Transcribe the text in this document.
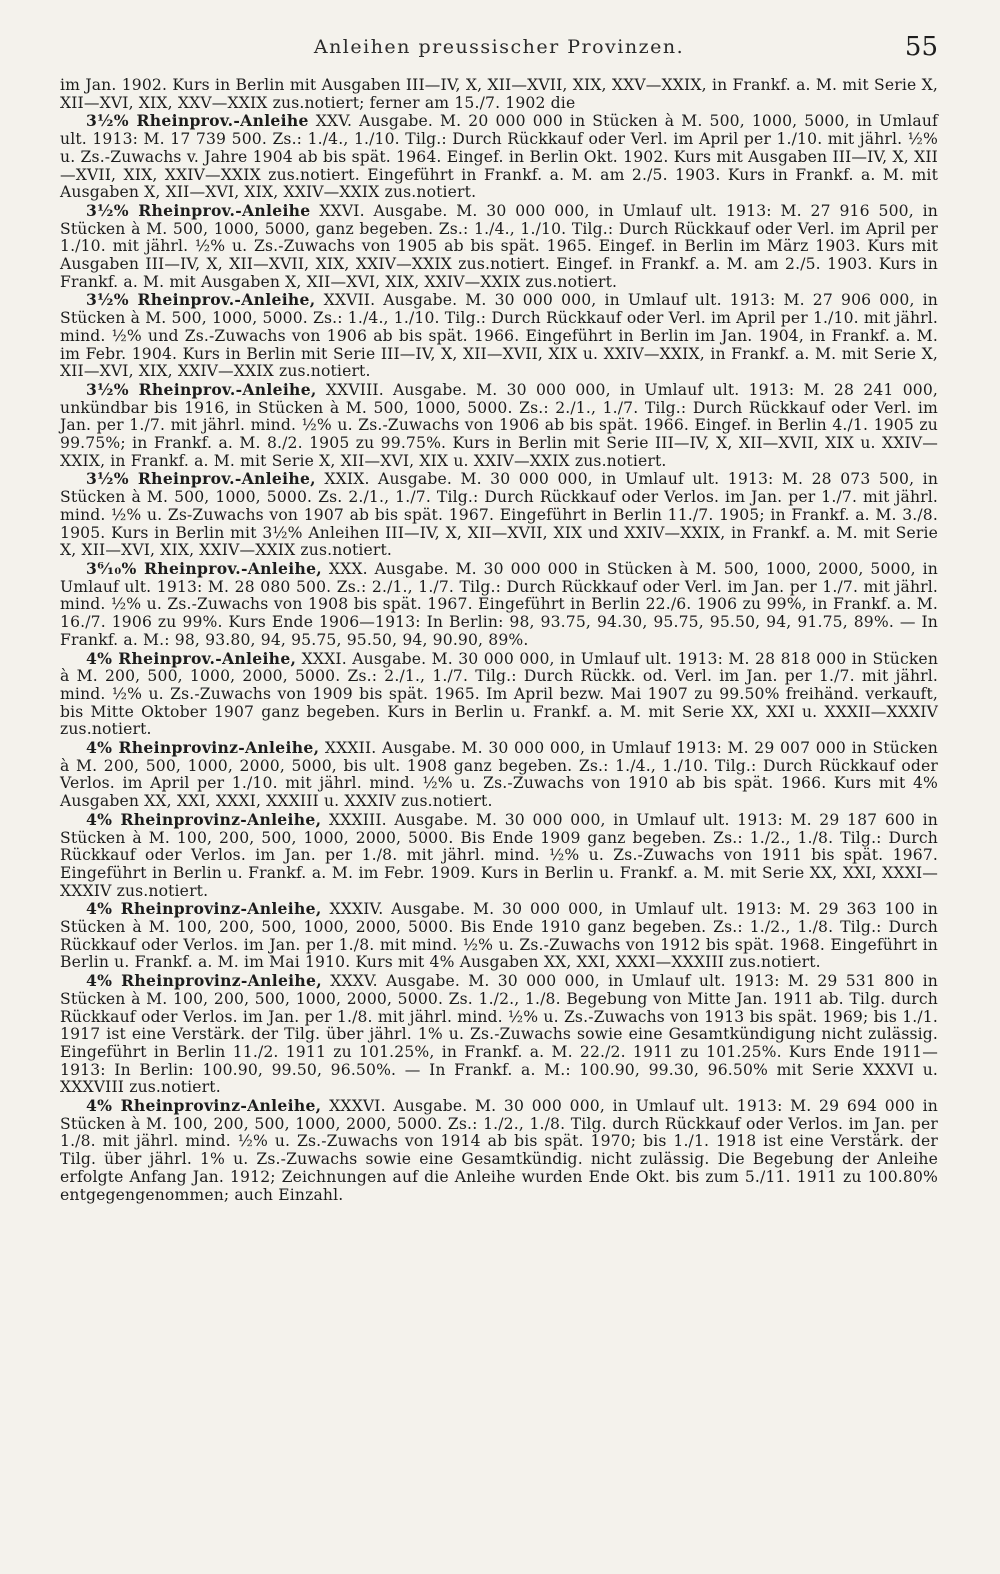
Anleihen preussischer Provinzen.	55

im Jan. 1902. Kurs in Berlin mit Ausgaben III—IV, X, XII—XVII, XIX, XXV—XXIX, in Frankf. a. M. mit Serie X, XII—XVI, XIX, XXV—XXIX zus.notiert; ferner am 15./7. 1902 die

3½% Rheinprov.-Anleihe XXV. Ausgabe. M. 20 000 000 in Stücken à M. 500, 1000, 5000, in Umlauf ult. 1913: M. 17 739 500. Zs.: 1./4., 1./10. Tilg.: Durch Rückkauf oder Verl. im April per 1./10. mit jährl. ½% u. Zs.-Zuwachs v. Jahre 1904 ab bis spät. 1964. Eingef. in Berlin Okt. 1902. Kurs mit Ausgaben III—IV, X, XII—XVII, XIX, XXIV—XXIX zus.notiert. Eingeführt in Frankf. a. M. am 2./5. 1903. Kurs in Frankf. a. M. mit Ausgaben X, XII—XVI, XIX, XXIV—XXIX zus.notiert.

3½% Rheinprov.-Anleihe XXVI. Ausgabe. M. 30 000 000, in Umlauf ult. 1913: M. 27 916 500, in Stücken à M. 500, 1000, 5000, ganz begeben. Zs.: 1./4., 1./10. Tilg.: Durch Rückkauf oder Verl. im April per 1./10. mit jährl. ½% u. Zs.-Zuwachs von 1905 ab bis spät. 1965. Eingef. in Berlin im März 1903. Kurs mit Ausgaben III—IV, X, XII—XVII, XIX, XXIV—XXIX zus.notiert. Eingef. in Frankf. a. M. am 2./5. 1903. Kurs in Frankf. a. M. mit Ausgaben X, XII—XVI, XIX, XXIV—XXIX zus.notiert.

3½% Rheinprov.-Anleihe, XXVII. Ausgabe. M. 30 000 000, in Umlauf ult. 1913: M. 27 906 000, in Stücken à M. 500, 1000, 5000. Zs.: 1./4., 1./10. Tilg.: Durch Rückkauf oder Verl. im April per 1./10. mit jährl. mind. ½% und Zs.-Zuwachs von 1906 ab bis spät. 1966. Eingeführt in Berlin im Jan. 1904, in Frankf. a. M. im Febr. 1904. Kurs in Berlin mit Serie III—IV, X, XII—XVII, XIX u. XXIV—XXIX, in Frankf. a. M. mit Serie X, XII—XVI, XIX, XXIV—XXIX zus.notiert.

3½% Rheinprov.-Anleihe, XXVIII. Ausgabe. M. 30 000 000, in Umlauf ult. 1913: M. 28 241 000, unkündbar bis 1916, in Stücken à M. 500, 1000, 5000. Zs.: 2./1., 1./7. Tilg.: Durch Rückkauf oder Verl. im Jan. per 1./7. mit jährl. mind. ½% u. Zs.-Zuwachs von 1906 ab bis spät. 1966. Eingef. in Berlin 4./1. 1905 zu 99.75%; in Frankf. a. M. 8./2. 1905 zu 99.75%. Kurs in Berlin mit Serie III—IV, X, XII—XVII, XIX u. XXIV—XXIX, in Frankf. a. M. mit Serie X, XII—XVI, XIX u. XXIV—XXIX zus.notiert.

3½% Rheinprov.-Anleihe, XXIX. Ausgabe. M. 30 000 000, in Umlauf ult. 1913: M. 28 073 500, in Stücken à M. 500, 1000, 5000. Zs. 2./1., 1./7. Tilg.: Durch Rückkauf oder Verlos. im Jan. per 1./7. mit jährl. mind. ½% u. Zs-Zuwachs von 1907 ab bis spät. 1967. Eingeführt in Berlin 11./7. 1905; in Frankf. a. M. 3./8. 1905. Kurs in Berlin mit 3½% Anleihen III—IV, X, XII—XVII, XIX und XXIV—XXIX, in Frankf. a. M. mit Serie X, XII—XVI, XIX, XXIV—XXIX zus.notiert.

3⁶⁄₁₀% Rheinprov.-Anleihe, XXX. Ausgabe. M. 30 000 000 in Stücken à M. 500, 1000, 2000, 5000, in Umlauf ult. 1913: M. 28 080 500. Zs.: 2./1., 1./7. Tilg.: Durch Rückkauf oder Verl. im Jan. per 1./7. mit jährl. mind. ½% u. Zs.-Zuwachs von 1908 bis spät. 1967. Eingeführt in Berlin 22./6. 1906 zu 99%, in Frankf. a. M. 16./7. 1906 zu 99%. Kurs Ende 1906—1913: In Berlin: 98, 93.75, 94.30, 95.75, 95.50, 94, 91.75, 89%. — In Frankf. a. M.: 98, 93.80, 94, 95.75, 95.50, 94, 90.90, 89%.

4% Rheinprov.-Anleihe, XXXI. Ausgabe. M. 30 000 000, in Umlauf ult. 1913: M. 28 818 000 in Stücken à M. 200, 500, 1000, 2000, 5000. Zs.: 2./1., 1./7. Tilg.: Durch Rückk. od. Verl. im Jan. per 1./7. mit jährl. mind. ½% u. Zs.-Zuwachs von 1909 bis spät. 1965. Im April bezw. Mai 1907 zu 99.50% freihänd. verkauft, bis Mitte Oktober 1907 ganz begeben. Kurs in Berlin u. Frankf. a. M. mit Serie XX, XXI u. XXXII—XXXIV zus.notiert.

4% Rheinprovinz-Anleihe, XXXII. Ausgabe. M. 30 000 000, in Umlauf 1913: M. 29 007 000 in Stücken à M. 200, 500, 1000, 2000, 5000, bis ult. 1908 ganz begeben. Zs.: 1./4., 1./10. Tilg.: Durch Rückkauf oder Verlos. im April per 1./10. mit jährl. mind. ½% u. Zs.-Zuwachs von 1910 ab bis spät. 1966. Kurs mit 4% Ausgaben XX, XXI, XXXI, XXXIII u. XXXIV zus.notiert.

4% Rheinprovinz-Anleihe, XXXIII. Ausgabe. M. 30 000 000, in Umlauf ult. 1913: M. 29 187 600 in Stücken à M. 100, 200, 500, 1000, 2000, 5000. Bis Ende 1909 ganz begeben. Zs.: 1./2., 1./8. Tilg.: Durch Rückkauf oder Verlos. im Jan. per 1./8. mit jährl. mind. ½% u. Zs.-Zuwachs von 1911 bis spät. 1967. Eingeführt in Berlin u. Frankf. a. M. im Febr. 1909. Kurs in Berlin u. Frankf. a. M. mit Serie XX, XXI, XXXI—XXXIV zus.notiert.

4% Rheinprovinz-Anleihe, XXXIV. Ausgabe. M. 30 000 000, in Umlauf ult. 1913: M. 29 363 100 in Stücken à M. 100, 200, 500, 1000, 2000, 5000. Bis Ende 1910 ganz begeben. Zs.: 1./2., 1./8. Tilg.: Durch Rückkauf oder Verlos. im Jan. per 1./8. mit mind. ½% u. Zs.-Zuwachs von 1912 bis spät. 1968. Eingeführt in Berlin u. Frankf. a. M. im Mai 1910. Kurs mit 4% Ausgaben XX, XXI, XXXI—XXXIII zus.notiert.

4% Rheinprovinz-Anleihe, XXXV. Ausgabe. M. 30 000 000, in Umlauf ult. 1913: M. 29 531 800 in Stücken à M. 100, 200, 500, 1000, 2000, 5000. Zs. 1./2., 1./8. Begebung von Mitte Jan. 1911 ab. Tilg. durch Rückkauf oder Verlos. im Jan. per 1./8. mit jährl. mind. ½% u. Zs.-Zuwachs von 1913 bis spät. 1969; bis 1./1. 1917 ist eine Verstärk. der Tilg. über jährl. 1% u. Zs.-Zuwachs sowie eine Gesamtkündigung nicht zulässig. Eingeführt in Berlin 11./2. 1911 zu 101.25%, in Frankf. a. M. 22./2. 1911 zu 101.25%. Kurs Ende 1911—1913: In Berlin: 100.90, 99.50, 96.50%. — In Frankf. a. M.: 100.90, 99.30, 96.50% mit Serie XXXVI u. XXXVIII zus.notiert.

4% Rheinprovinz-Anleihe, XXXVI. Ausgabe. M. 30 000 000, in Umlauf ult. 1913: M. 29 694 000 in Stücken à M. 100, 200, 500, 1000, 2000, 5000. Zs.: 1./2., 1./8. Tilg. durch Rückkauf oder Verlos. im Jan. per 1./8. mit jährl. mind. ½% u. Zs.-Zuwachs von 1914 ab bis spät. 1970; bis 1./1. 1918 ist eine Verstärk. der Tilg. über jährl. 1% u. Zs.-Zuwachs sowie eine Gesamtkündig. nicht zulässig. Die Begebung der Anleihe erfolgte Anfang Jan. 1912; Zeichnungen auf die Anleihe wurden Ende Okt. bis zum 5./11. 1911 zu 100.80% entgegengenommen; auch Einzahl.
